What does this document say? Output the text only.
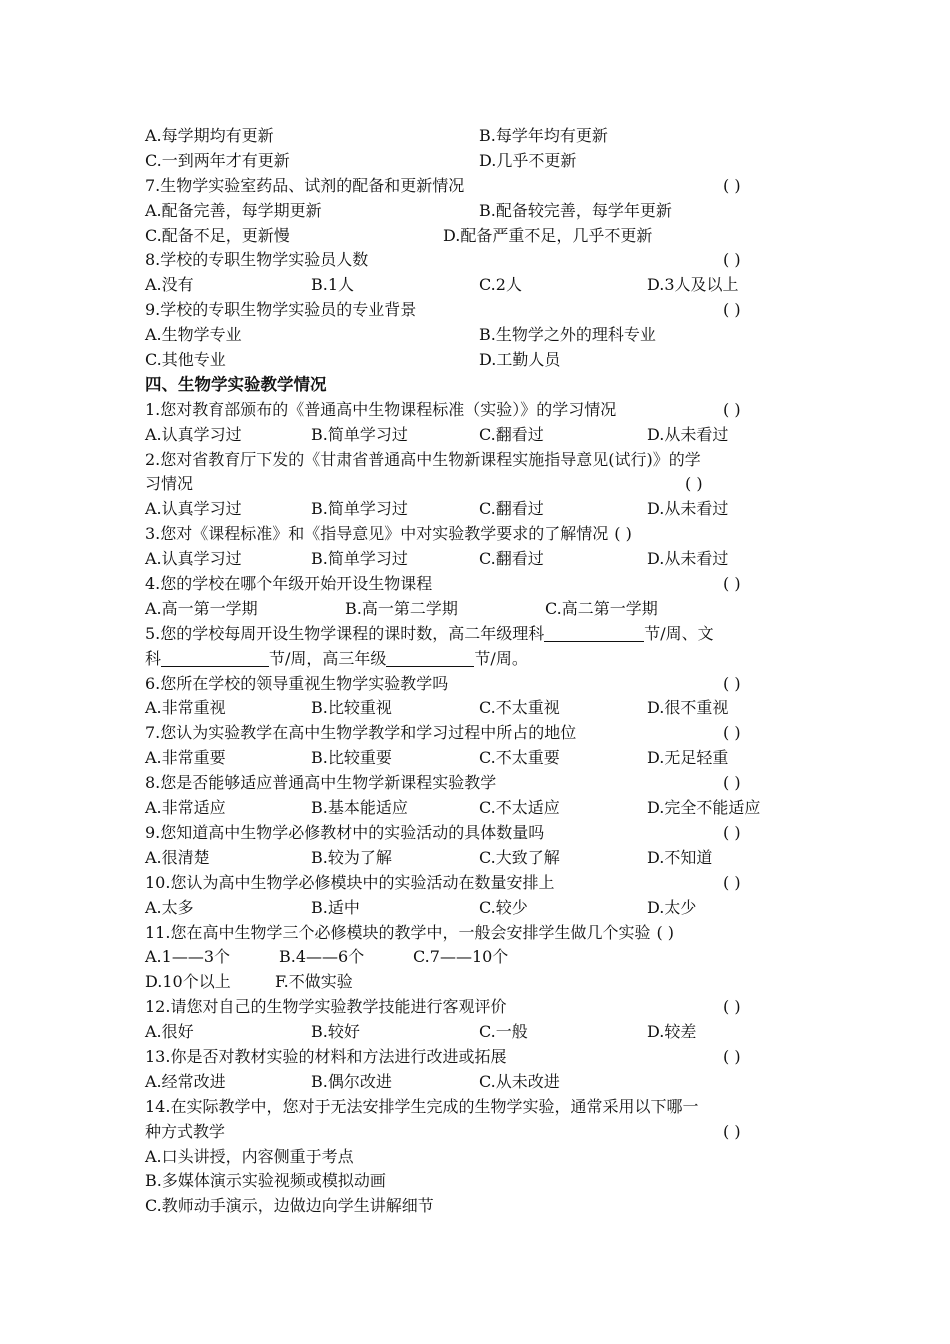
A.每学期均有更新	B.每学年均有更新
C.一到两年才有更新	D.几乎不更新
7.生物学实验室药品、试剂的配备和更新情况	( )
A.配备完善，每学期更新	B.配备较完善，每学年更新
C.配备不足，更新慢	D.配备严重不足，几乎不更新
8.学校的专职生物学实验员人数	( )
A.没有	B.1人	C.2人	D.3人及以上
9.学校的专职生物学实验员的专业背景	( )
A.生物学专业	B.生物学之外的理科专业
C.其他专业	D.工勤人员
四、生物学实验教学情况
1.您对教育部颁布的《普通高中生物课程标准（实验）》的学习情况	( )
A.认真学习过	B.简单学习过	C.翻看过	D.从未看过
2.您对省教育厅下发的《甘肃省普通高中生物新课程实施指导意见(试行)》的学
习情况	( )
A.认真学习过	B.简单学习过	C.翻看过	D.从未看过
3.您对《课程标准》和《指导意见》中对实验教学要求的了解情况 ( )
A.认真学习过	B.简单学习过	C.翻看过	D.从未看过
4.您的学校在哪个年级开始开设生物课程	( )
A.高一第一学期	B.高一第二学期	C.高二第一学期
5.您的学校每周开设生物学课程的课时数，高二年级理科	节/周、文
科	节/周，高三年级	节/周。
6.您所在学校的领导重视生物学实验教学吗	( )
A.非常重视	B.比较重视	C.不太重视	D.很不重视
7.您认为实验教学在高中生物学教学和学习过程中所占的地位	( )
A.非常重要	B.比较重要	C.不太重要	D.无足轻重
8.您是否能够适应普通高中生物学新课程实验教学	( )
A.非常适应	B.基本能适应	C.不太适应	D.完全不能适应
9.您知道高中生物学必修教材中的实验活动的具体数量吗	( )
A.很清楚	B.较为了解	C.大致了解	D.不知道
10.您认为高中生物学必修模块中的实验活动在数量安排上	( )
A.太多	B.适中	C.较少	D.太少
11.您在高中生物学三个必修模块的教学中，一般会安排学生做几个实验 ( )
A.1——3个	B.4——6个	C.7——10个
D.10个以上	F.不做实验
12.请您对自己的生物学实验教学技能进行客观评价	( )
A.很好	B.较好	C.一般	D.较差
13.你是否对教材实验的材料和方法进行改进或拓展	( )
A.经常改进	B.偶尔改进	C.从未改进
14.在实际教学中，您对于无法安排学生完成的生物学实验，通常采用以下哪一
种方式教学	( )
A.口头讲授，内容侧重于考点
B.多媒体演示实验视频或模拟动画
C.教师动手演示，边做边向学生讲解细节
